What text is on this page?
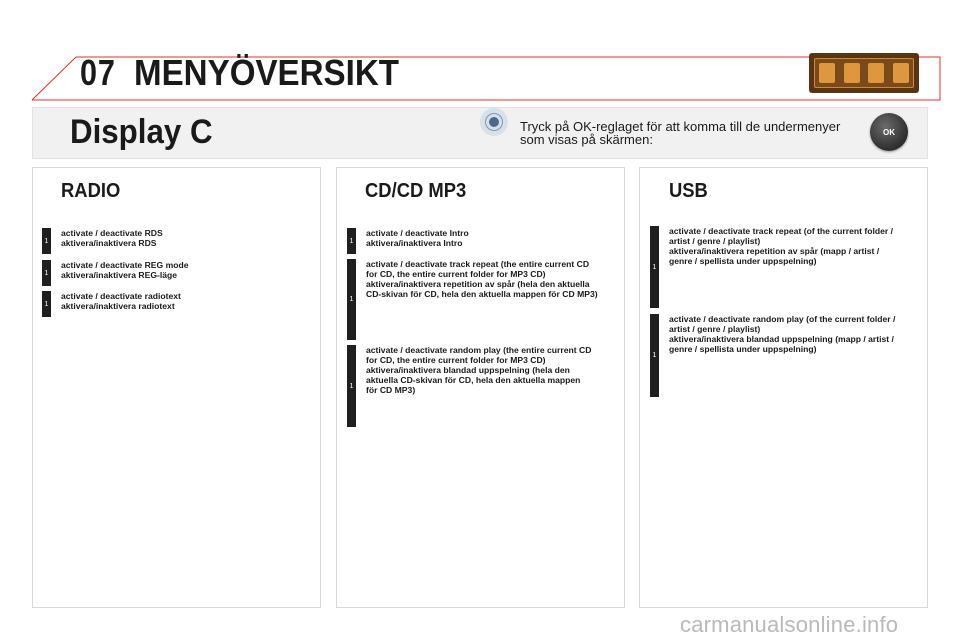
07 MENYÖVERSIKT
Display C	Tryck på OK-reglaget för att komma till de undermenyer
som visas på skärmen:	OK
RADIO
1
activate / deactivate RDS
aktivera/inaktivera RDS
1
activate / deactivate REG mode
aktivera/inaktivera REG-läge
1
activate / deactivate radiotext
aktivera/inaktivera radiotext
CD/CD MP3
1
activate / deactivate Intro
aktivera/inaktivera Intro
1
activate / deactivate track repeat (the entire current CD
for CD, the entire current folder for MP3 CD)
aktivera/inaktivera repetition av spår (hela den aktuella
CD-skivan för CD, hela den aktuella mappen för CD MP3)
1
activate / deactivate random play (the entire current CD
for CD, the entire current folder for MP3 CD)
aktivera/inaktivera blandad uppspelning (hela den
aktuella CD-skivan för CD, hela den aktuella mappen
för CD MP3)
USB
1
activate / deactivate track repeat (of the current folder /
artist / genre / playlist)
aktivera/inaktivera repetition av spår (mapp / artist /
genre / spellista under uppspelning)
1
activate / deactivate random play (of the current folder /
artist / genre / playlist)
aktivera/inaktivera blandad uppspelning (mapp / artist /
genre / spellista under uppspelning)
carmanualsonline.info
